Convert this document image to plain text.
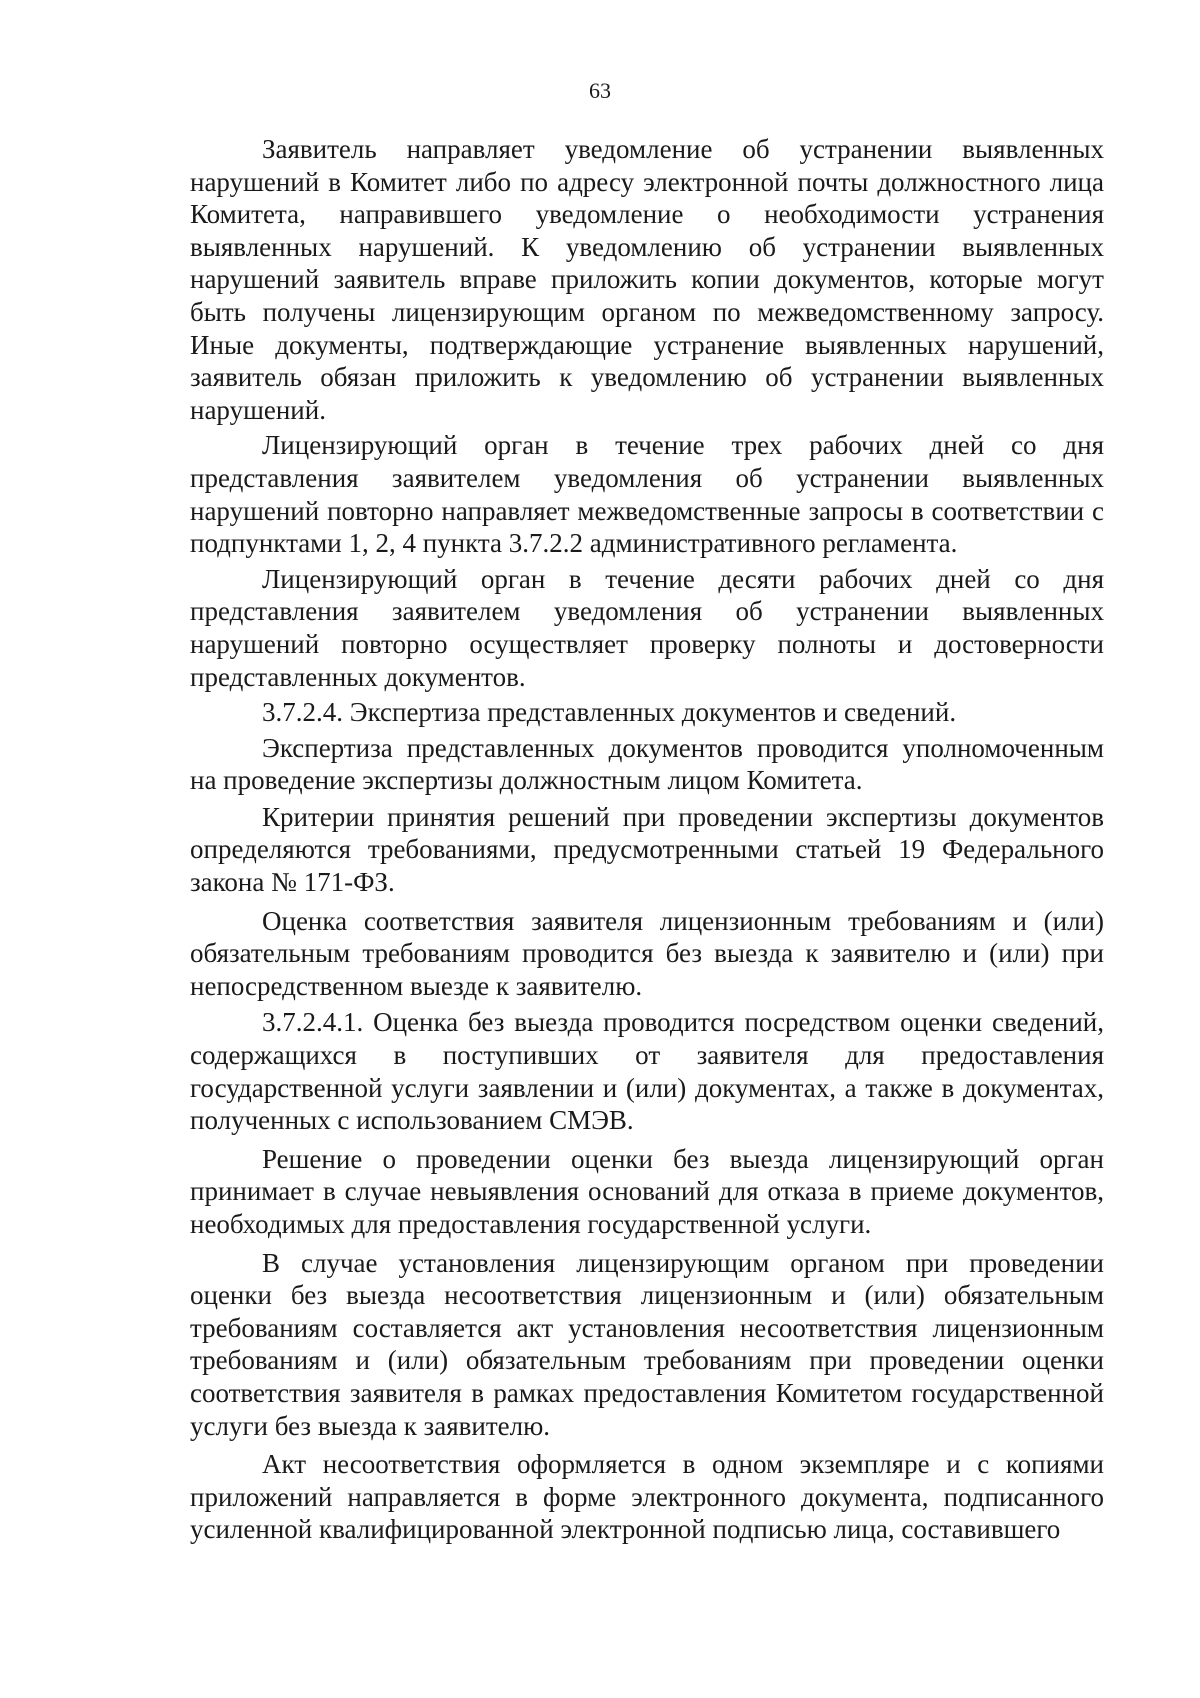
63

Заявитель направляет уведомление об устранении выявленных нарушений в Комитет либо по адресу электронной почты должностного лица Комитета, направившего уведомление о необходимости устранения выявленных нарушений. К уведомлению об устранении выявленных нарушений заявитель вправе приложить копии документов, которые могут быть получены лицензирующим органом по межведомственному запросу. Иные документы, подтверждающие устранение выявленных нарушений, заявитель обязан приложить к уведомлению об устранении выявленных нарушений.

Лицензирующий орган в течение трех рабочих дней со дня представления заявителем уведомления об устранении выявленных нарушений повторно направляет межведомственные запросы в соответствии с подпунктами 1, 2, 4 пункта 3.7.2.2 административного регламента.

Лицензирующий орган в течение десяти рабочих дней со дня представления заявителем уведомления об устранении выявленных нарушений повторно осуществляет проверку полноты и достоверности представленных документов.

3.7.2.4. Экспертиза представленных документов и сведений.

Экспертиза представленных документов проводится уполномоченным на проведение экспертизы должностным лицом Комитета.

Критерии принятия решений при проведении экспертизы документов определяются требованиями, предусмотренными статьей 19 Федерального закона № 171-ФЗ.

Оценка соответствия заявителя лицензионным требованиям и (или) обязательным требованиям проводится без выезда к заявителю и (или) при непосредственном выезде к заявителю.

3.7.2.4.1. Оценка без выезда проводится посредством оценки сведений, содержащихся в поступивших от заявителя для предоставления государственной услуги заявлении и (или) документах, а также в документах, полученных с использованием СМЭВ.

Решение о проведении оценки без выезда лицензирующий орган принимает в случае невыявления оснований для отказа в приеме документов, необходимых для предоставления государственной услуги.

В случае установления лицензирующим органом при проведении оценки без выезда несоответствия лицензионным и (или) обязательным требованиям составляется акт установления несоответствия лицензионным требованиям и (или) обязательным требованиям при проведении оценки соответствия заявителя в рамках предоставления Комитетом государственной услуги без выезда к заявителю.

Акт несоответствия оформляется в одном экземпляре и с копиями приложений направляется в форме электронного документа, подписанного усиленной квалифицированной электронной подписью лица, составившего
